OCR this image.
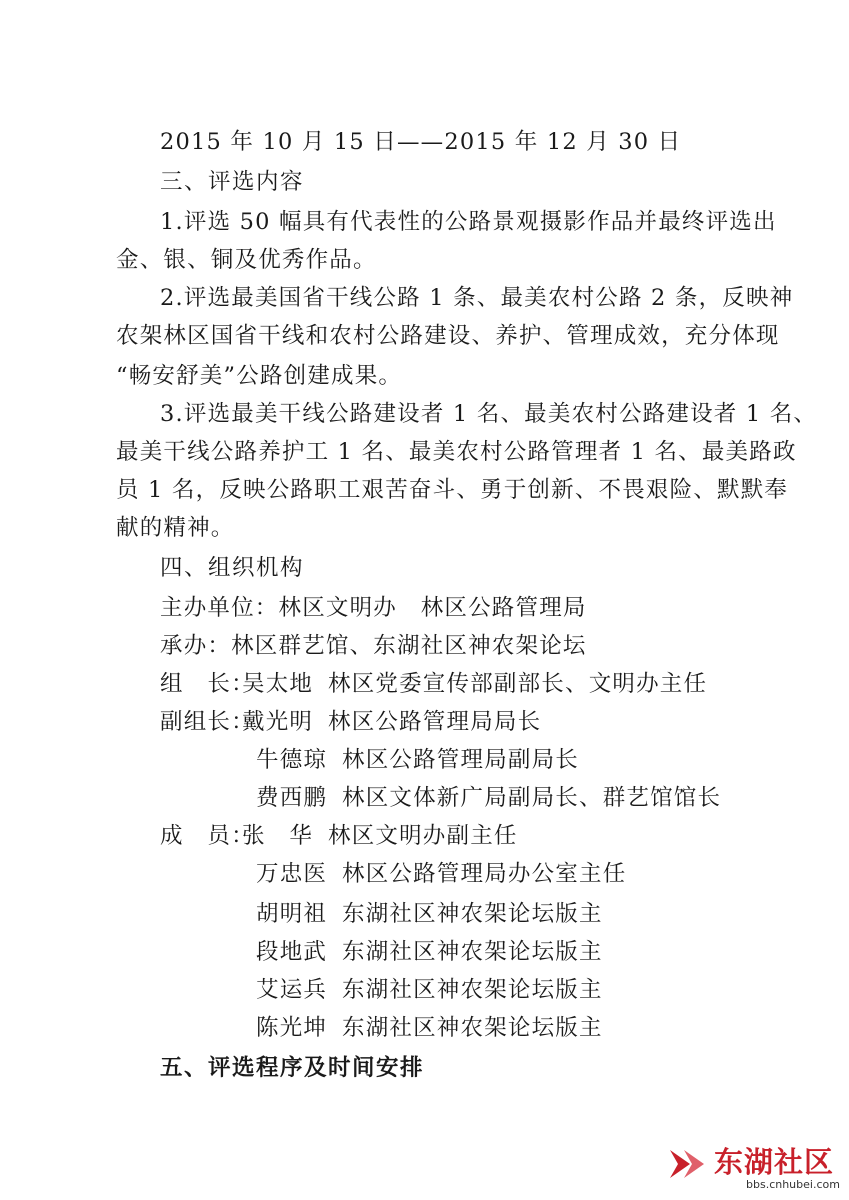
2015 年 10 月 15 日——2015 年 12 月 30 日
三、评选内容
1.评选 50 幅具有代表性的公路景观摄影作品并最终评选出
金、银、铜及优秀作品。
2.评选最美国省干线公路 1 条、最美农村公路 2 条，反映神
农架林区国省干线和农村公路建设、养护、管理成效，充分体现
“畅安舒美”公路创建成果。
3.评选最美干线公路建设者 1 名、最美农村公路建设者 1 名、
最美干线公路养护工 1 名、最美农村公路管理者 1 名、最美路政
员 1 名，反映公路职工艰苦奋斗、勇于创新、不畏艰险、默默奉
献的精神。
四、组织机构
主办单位：林区文明办　林区公路管理局
承办：林区群艺馆、东湖社区神农架论坛
组　长：吴太地 林区党委宣传部副部长、文明办主任
副组长：戴光明 林区公路管理局局长
牛德琼 林区公路管理局副局长
费西鹏 林区文体新广局副局长、群艺馆馆长
成　员：张　华 林区文明办副主任
万忠医 林区公路管理局办公室主任
胡明祖 东湖社区神农架论坛版主
段地武 东湖社区神农架论坛版主
艾运兵 东湖社区神农架论坛版主
陈光坤 东湖社区神农架论坛版主
五、评选程序及时间安排
东湖社区
bbs.cnhubei.com
